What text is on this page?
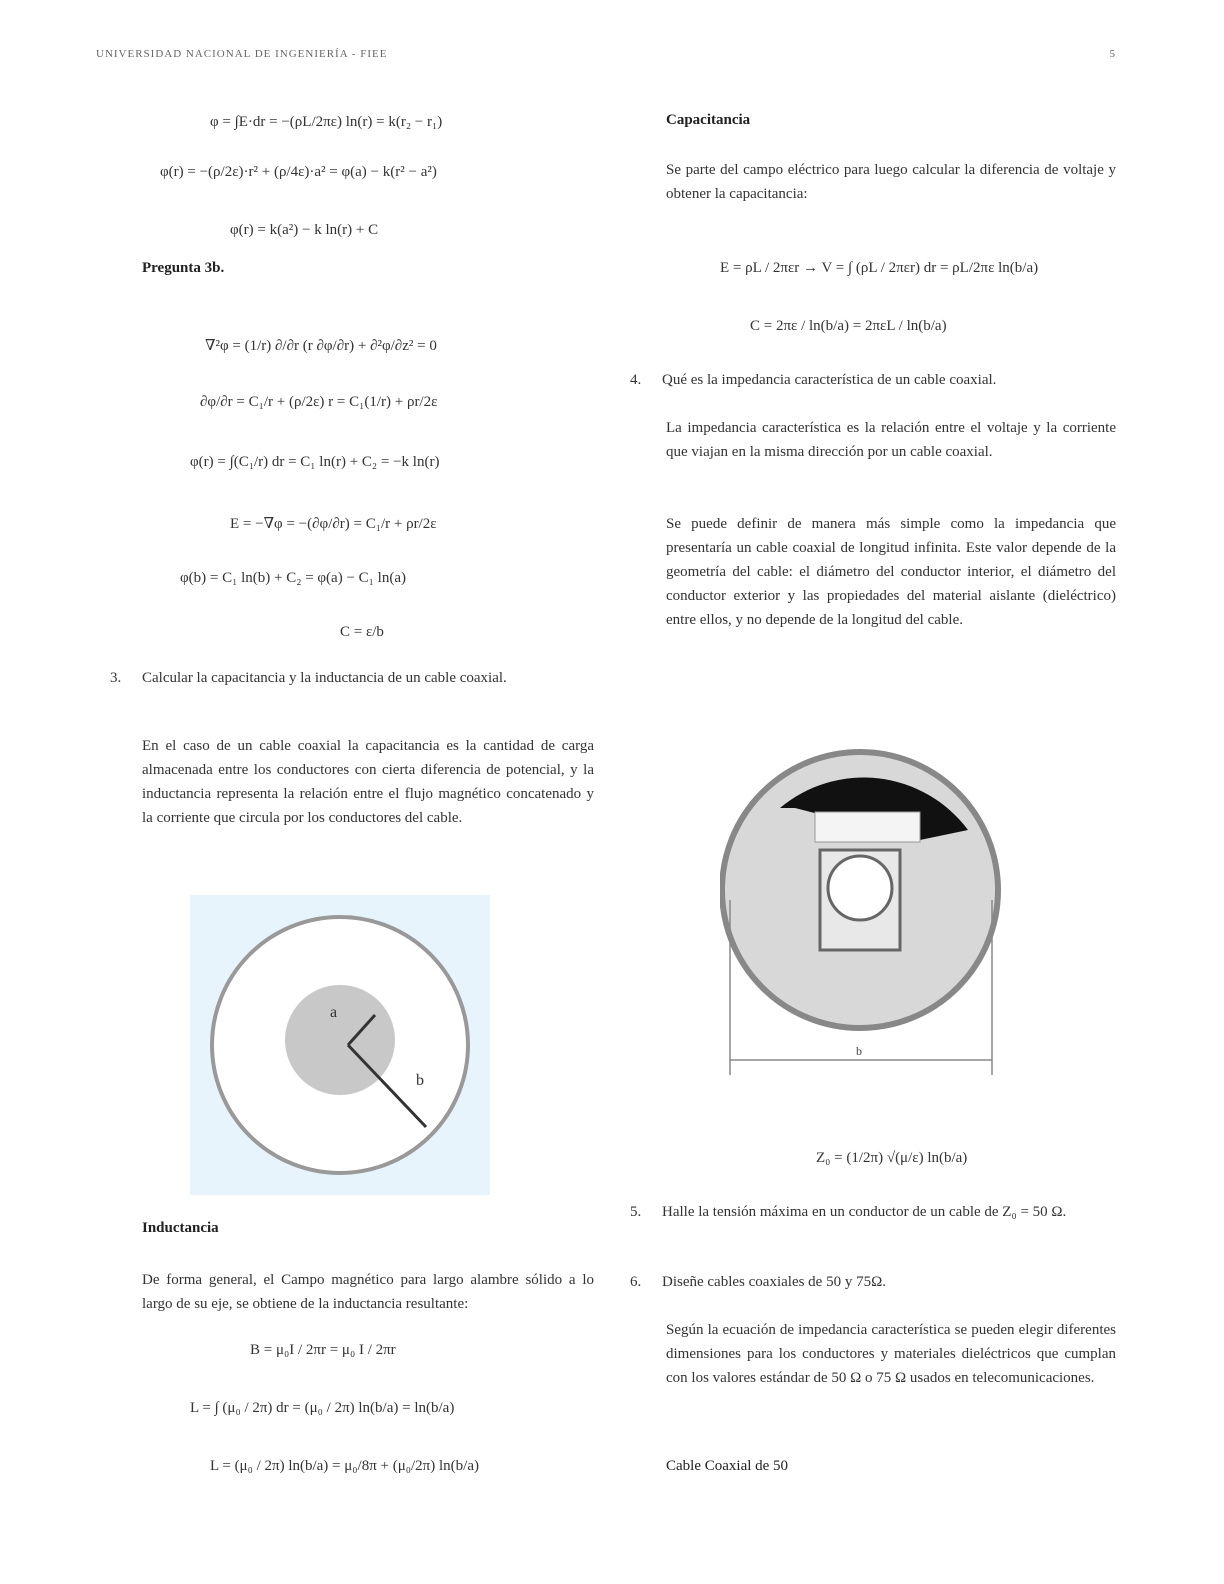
UNIVERSIDAD NACIONAL DE INGENIERÍA - FIEE	5
φ = ∫E·dr = −(ρL/2πε) ln(r) = k(r₂ − r₁)
φ(r) = −(ρ/2ε)·r² + (ρ/4ε)·a² = φ(a) − k(r² − a²)
φ(r) = k(a²) − k ln(r) + C
Pregunta 3b.
∇²φ = (1/r) ∂/∂r (r ∂φ/∂r) + ∂²φ/∂z² = 0
∂φ/∂r = C₁/r + (ρ/2ε) r = C₁(1/r) + ρr/2ε
φ(r) = ∫(C₁/r) dr = C₁ ln(r) + C₂ = −k ln(r)
E = −∇φ = −(∂φ/∂r) = C₁/r + ρr/2ε
φ(b) = C₁ ln(b) + C₂ = φ(a) − C₁ ln(a)
C = ε/b
3. Calcular la capacitancia y la inductancia de un cable coaxial.
En el caso de un cable coaxial la capacitancia es la cantidad de carga almacenada entre los conductores con cierta diferencia de potencial, y la inductancia representa la relación entre el flujo magnético concatenado y la corriente que circula por los conductores del cable.
a
b
Inductancia
De forma general, el Campo magnético para largo alambre sólido a lo largo de su eje, se obtiene de la inductancia resultante:
B = μ₀I / 2πr = μ₀ I / 2πr
L = ∫ (μ₀ / 2π) dr = (μ₀ / 2π) ln(b/a) = ln(b/a)
L = (μ₀ / 2π) ln(b/a) = μ₀/8π + (μ₀/2π) ln(b/a)
Capacitancia
Se parte del campo eléctrico para luego calcular la diferencia de voltaje y obtener la capacitancia:
E = ρL / 2πεr → V = ∫ (ρL / 2πεr) dr = ρL/2πε ln(b/a)
C = 2πε / ln(b/a) = 2πεL / ln(b/a)
4. Qué es la impedancia característica de un cable coaxial.
La impedancia característica es la relación entre el voltaje y la corriente que viajan en la misma dirección por un cable coaxial.
Se puede definir de manera más simple como la impedancia que presentaría un cable coaxial de longitud infinita. Este valor depende de la geometría del cable: el diámetro del conductor interior, el diámetro del conductor exterior y las propiedades del material aislante (dieléctrico) entre ellos, y no depende de la longitud del cable.
b
Z₀ = (1/2π) √(μ/ε) ln(b/a)
5. Halle la tensión máxima en un conductor de un cable de Z₀ = 50 Ω.
6. Diseñe cables coaxiales de 50 y 75Ω.
Según la ecuación de impedancia característica se pueden elegir diferentes dimensiones para los conductores y materiales dieléctricos que cumplan con los valores estándar de 50 Ω o 75 Ω usados en telecomunicaciones.
Cable Coaxial de 50
